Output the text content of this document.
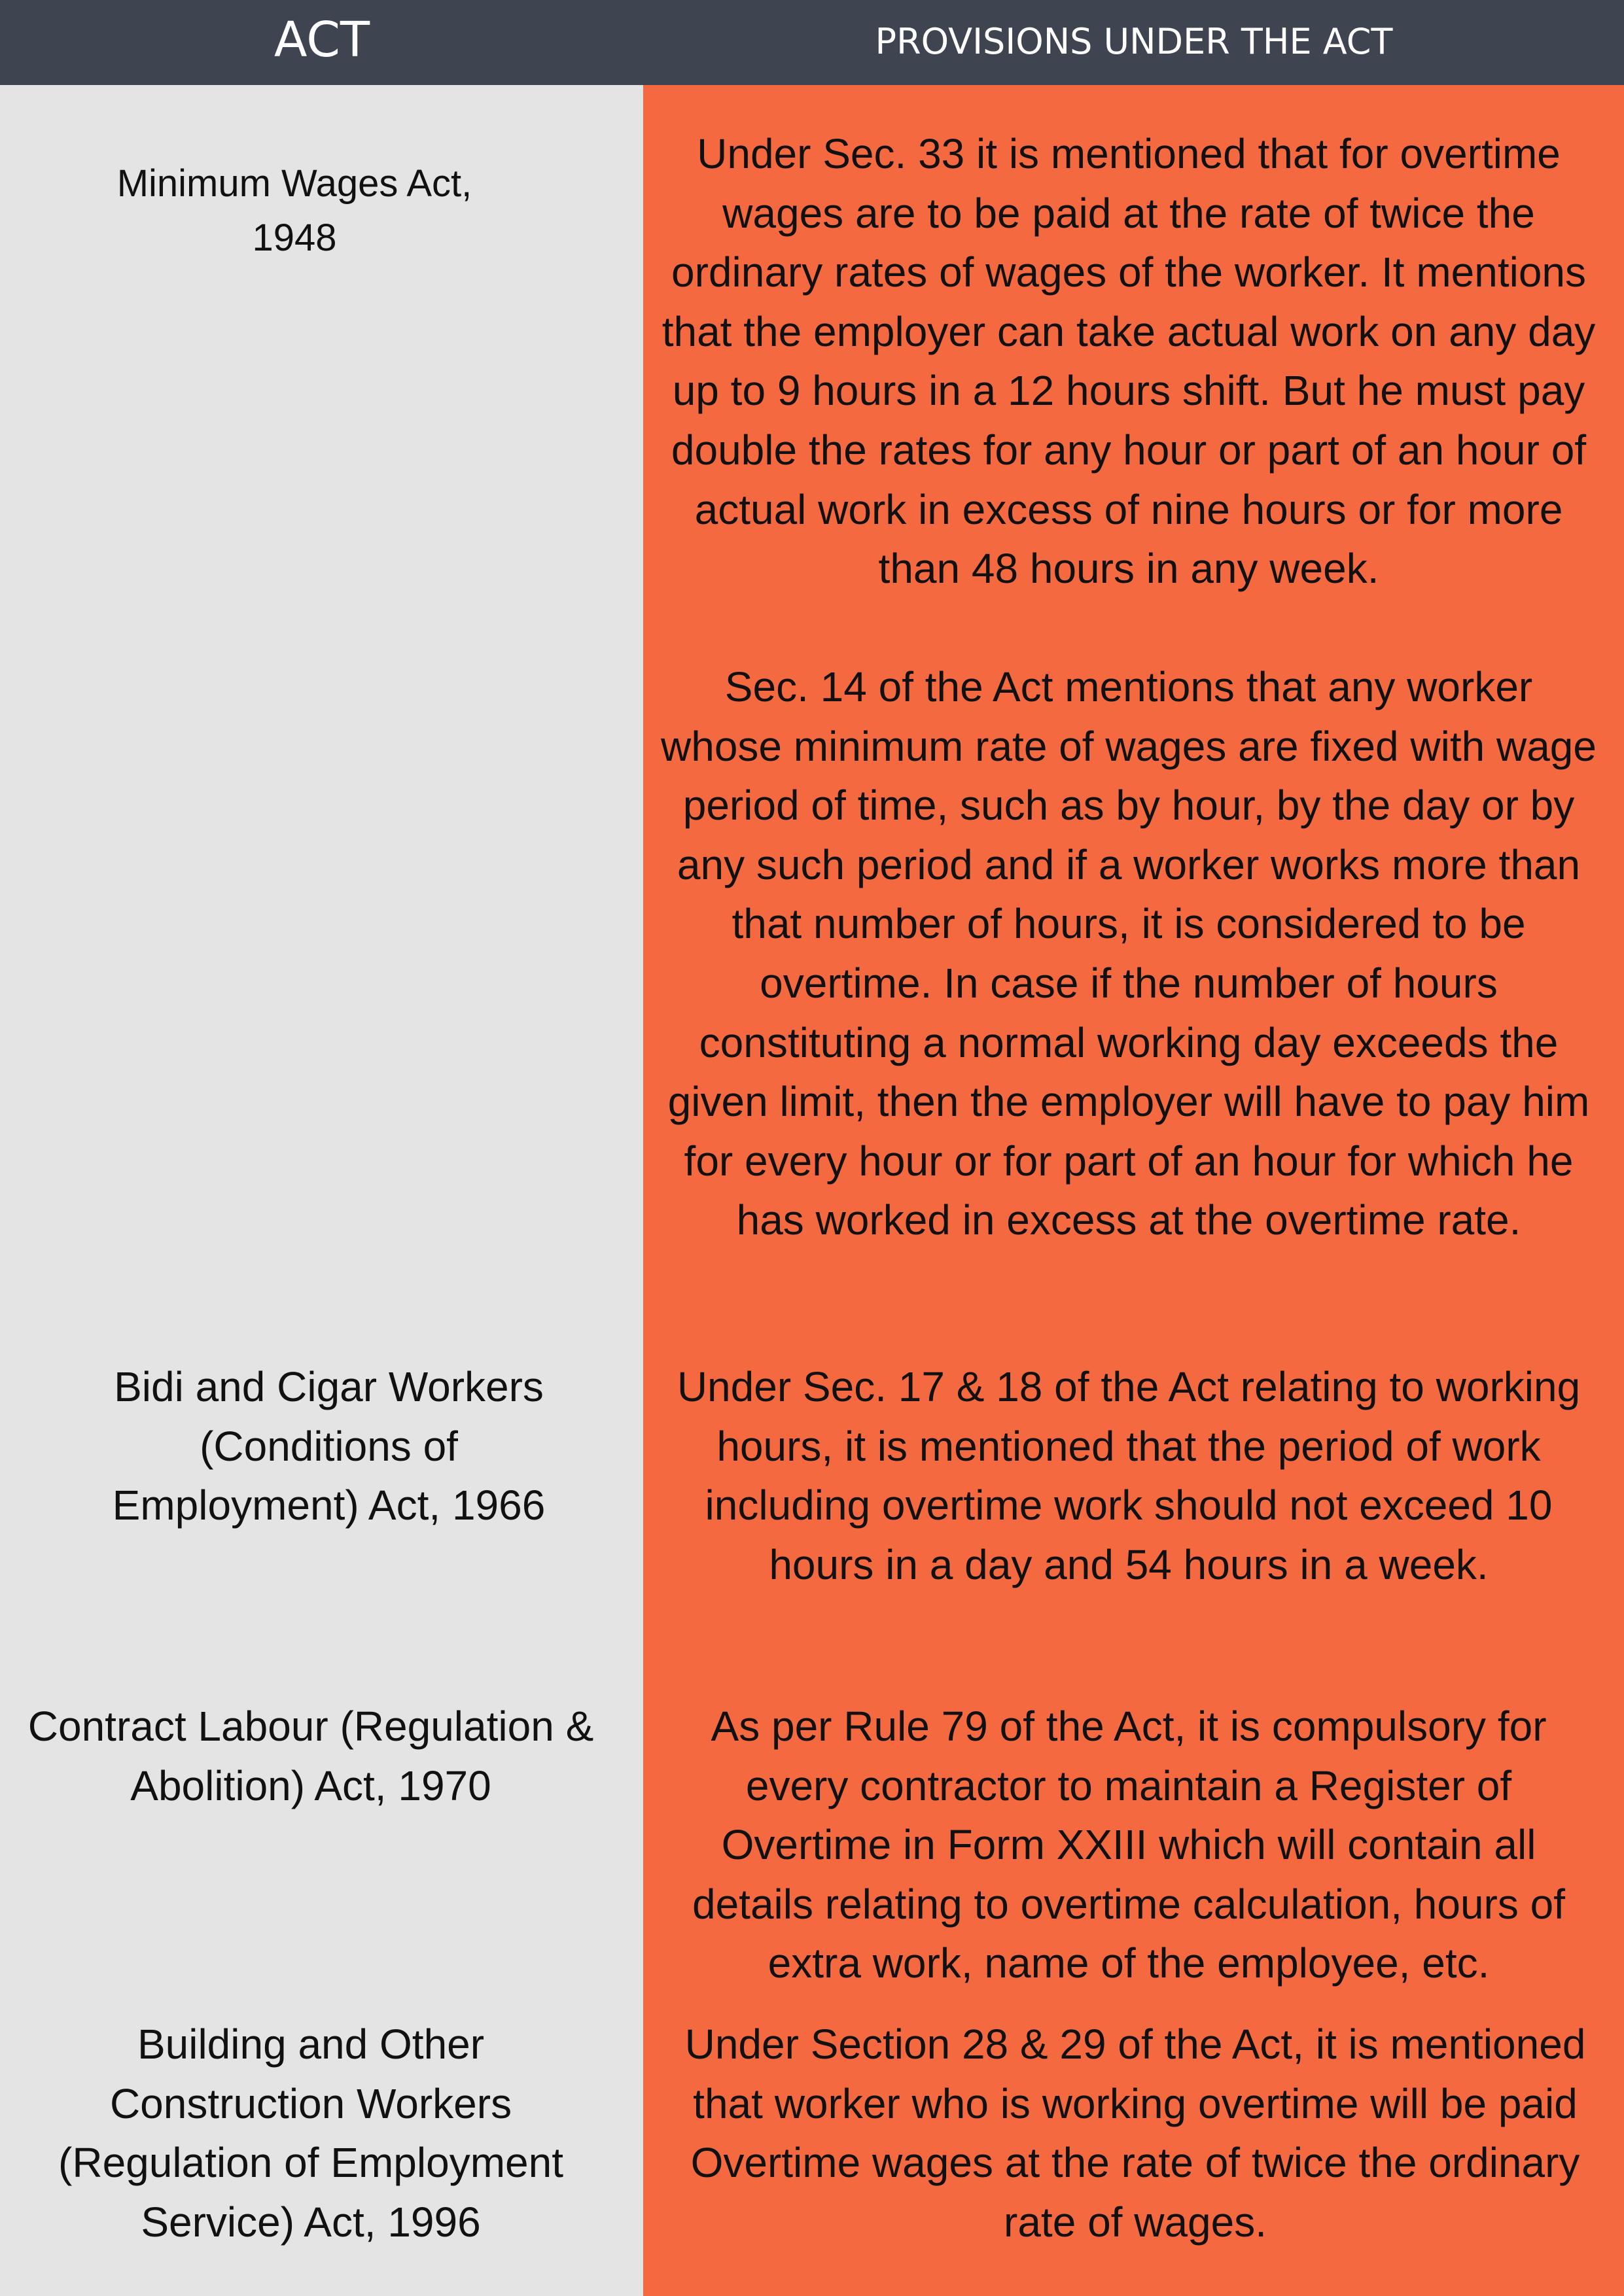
ACT	PROVISIONS UNDER THE ACT

Minimum Wages Act, 1948

Under Sec. 33 it is mentioned that for overtime wages are to be paid at the rate of twice the ordinary rates of wages of the worker. It mentions that the employer can take actual work on any day up to 9 hours in a 12 hours shift. But he must pay double the rates for any hour or part of an hour of actual work in excess of nine hours or for more than 48 hours in any week.

Sec. 14 of the Act mentions that any worker whose minimum rate of wages are fixed with wage period of time, such as by hour, by the day or by any such period and if a worker works more than that number of hours, it is considered to be overtime. In case if the number of hours constituting a normal working day exceeds the given limit, then the employer will have to pay him for every hour or for part of an hour for which he has worked in excess at the overtime rate.

Bidi and Cigar Workers (Conditions of Employment) Act, 1966

Under Sec. 17 & 18 of the Act relating to working hours, it is mentioned that the period of work including overtime work should not exceed 10 hours in a day and 54 hours in a week.

Contract Labour (Regulation & Abolition) Act, 1970

As per Rule 79 of the Act, it is compulsory for every contractor to maintain a Register of Overtime in Form XXIII which will contain all details relating to overtime calculation, hours of extra work, name of the employee, etc.

Building and Other Construction Workers (Regulation of Employment Service) Act, 1996

Under Section 28 & 29 of the Act, it is mentioned that worker who is working overtime will be paid Overtime wages at the rate of twice the ordinary rate of wages.
